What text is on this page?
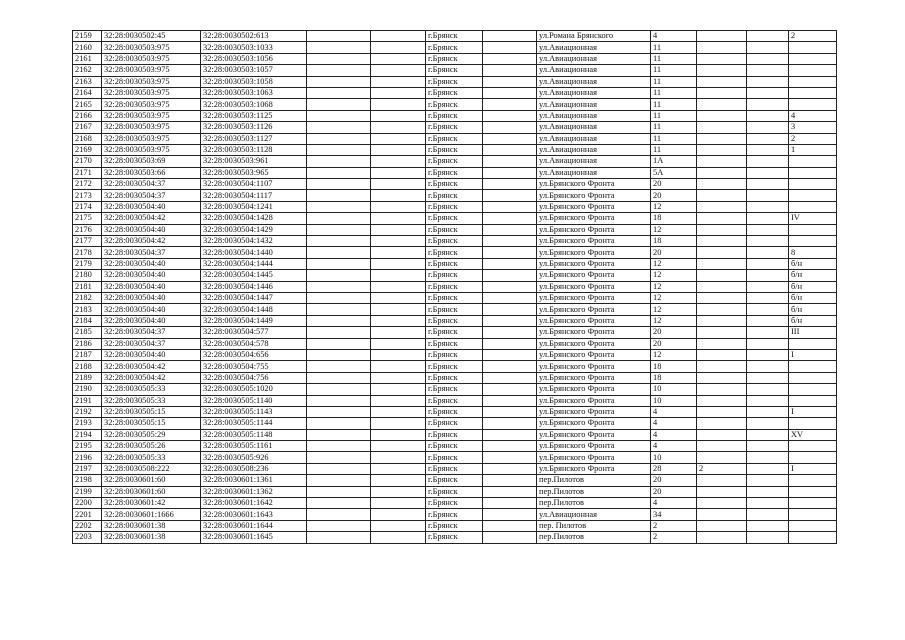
2159	32:28:0030502:45	32:28:0030502:613			г.Брянск		ул.Романа Брянского	4			2
2160	32:28:0030503:975	32:28:0030503:1033			г.Брянск		ул.Авиационная	11			
2161	32:28:0030503:975	32:28:0030503:1056			г.Брянск		ул.Авиационная	11			
2162	32:28:0030503:975	32:28:0030503:1057			г.Брянск		ул.Авиационная	11			
2163	32:28:0030503:975	32:28:0030503:1058			г.Брянск		ул.Авиационная	11			
2164	32:28:0030503:975	32:28:0030503:1063			г.Брянск		ул.Авиационная	11			
2165	32:28:0030503:975	32:28:0030503:1068			г.Брянск		ул.Авиационная	11			
2166	32:28:0030503:975	32:28:0030503:1125			г.Брянск		ул.Авиационная	11			4
2167	32:28:0030503:975	32:28:0030503:1126			г.Брянск		ул.Авиационная	11			3
2168	32:28:0030503:975	32:28:0030503:1127			г.Брянск		ул.Авиационная	11			2
2169	32:28:0030503:975	32:28:0030503:1128			г.Брянск		ул.Авиационная	11			1
2170	32:28:0030503:69	32:28:0030503:961			г.Брянск		ул.Авиационная	1А			
2171	32:28:0030503:66	32:28:0030503:965			г.Брянск		ул.Авиационная	5А			
2172	32:28:0030504:37	32:28:0030504:1107			г.Брянск		ул.Брянского Фронта	20			
2173	32:28:0030504:37	32:28:0030504:1117			г.Брянск		ул.Брянского Фронта	20			
2174	32:28:0030504:40	32:28:0030504:1241			г.Брянск		ул.Брянского Фронта	12			
2175	32:28:0030504:42	32:28:0030504:1428			г.Брянск		ул.Брянского Фронта	18			IV
2176	32:28:0030504:40	32:28:0030504:1429			г.Брянск		ул.Брянского Фронта	12			
2177	32:28:0030504:42	32:28:0030504:1432			г.Брянск		ул.Брянского Фронта	18			
2178	32:28:0030504:37	32:28:0030504:1440			г.Брянск		ул.Брянского Фронта	20			8
2179	32:28:0030504:40	32:28:0030504:1444			г.Брянск		ул.Брянского Фронта	12			б/н
2180	32:28:0030504:40	32:28:0030504:1445			г.Брянск		ул.Брянского Фронта	12			б/н
2181	32:28:0030504:40	32:28:0030504:1446			г.Брянск		ул.Брянского Фронта	12			б/н
2182	32:28:0030504:40	32:28:0030504:1447			г.Брянск		ул.Брянского Фронта	12			б/н
2183	32:28:0030504:40	32:28:0030504:1448			г.Брянск		ул.Брянского Фронта	12			б/н
2184	32:28:0030504:40	32:28:0030504:1449			г.Брянск		ул.Брянского Фронта	12			б/н
2185	32:28:0030504:37	32:28:0030504:577			г.Брянск		ул.Брянского Фронта	20			III
2186	32:28:0030504:37	32:28:0030504:578			г.Брянск		ул.Брянского Фронта	20			
2187	32:28:0030504:40	32:28:0030504:656			г.Брянск		ул.Брянского Фронта	12			I
2188	32:28:0030504:42	32:28:0030504:755			г.Брянск		ул.Брянского Фронта	18			
2189	32:28:0030504:42	32:28:0030504:756			г.Брянск		ул.Брянского Фронта	18			
2190	32:28:0030505:33	32:28:0030505:1020			г.Брянск		ул.Брянского Фронта	10			
2191	32:28:0030505:33	32:28:0030505:1140			г.Брянск		ул.Брянского Фронта	10			
2192	32:28:0030505:15	32:28:0030505:1143			г.Брянск		ул.Брянского Фронта	4			I
2193	32:28:0030505:15	32:28:0030505:1144			г.Брянск		ул.Брянского Фронта	4			
2194	32:28:0030505:29	32:28:0030505:1148			г.Брянск		ул.Брянского Фронта	4			XV
2195	32:28:0030505:26	32:28:0030505:1161			г.Брянск		ул.Брянского Фронта	4			
2196	32:28:0030505:33	32:28:0030505:926			г.Брянск		ул.Брянского Фронта	10			
2197	32:28:0030508:222	32:28:0030508:236			г.Брянск		ул.Брянского Фронта	28	2		I
2198	32:28:0030601:60	32:28:0030601:1361			г.Брянск		пер.Пилотов	20			
2199	32:28:0030601:60	32:28:0030601:1362			г.Брянск		пер.Пилотов	20			
2200	32:28:0030601:42	32:28:0030601:1642			г.Брянск		пер.Пилотов	4			
2201	32:28:0030601:1666	32:28:0030601:1643			г.Брянск		ул.Авиационная	34			
2202	32:28:0030601:38	32:28:0030601:1644			г.Брянск		пер. Пилотов	2			
2203	32:28:0030601:38	32:28:0030601:1645			г.Брянск		пер.Пилотов	2			
